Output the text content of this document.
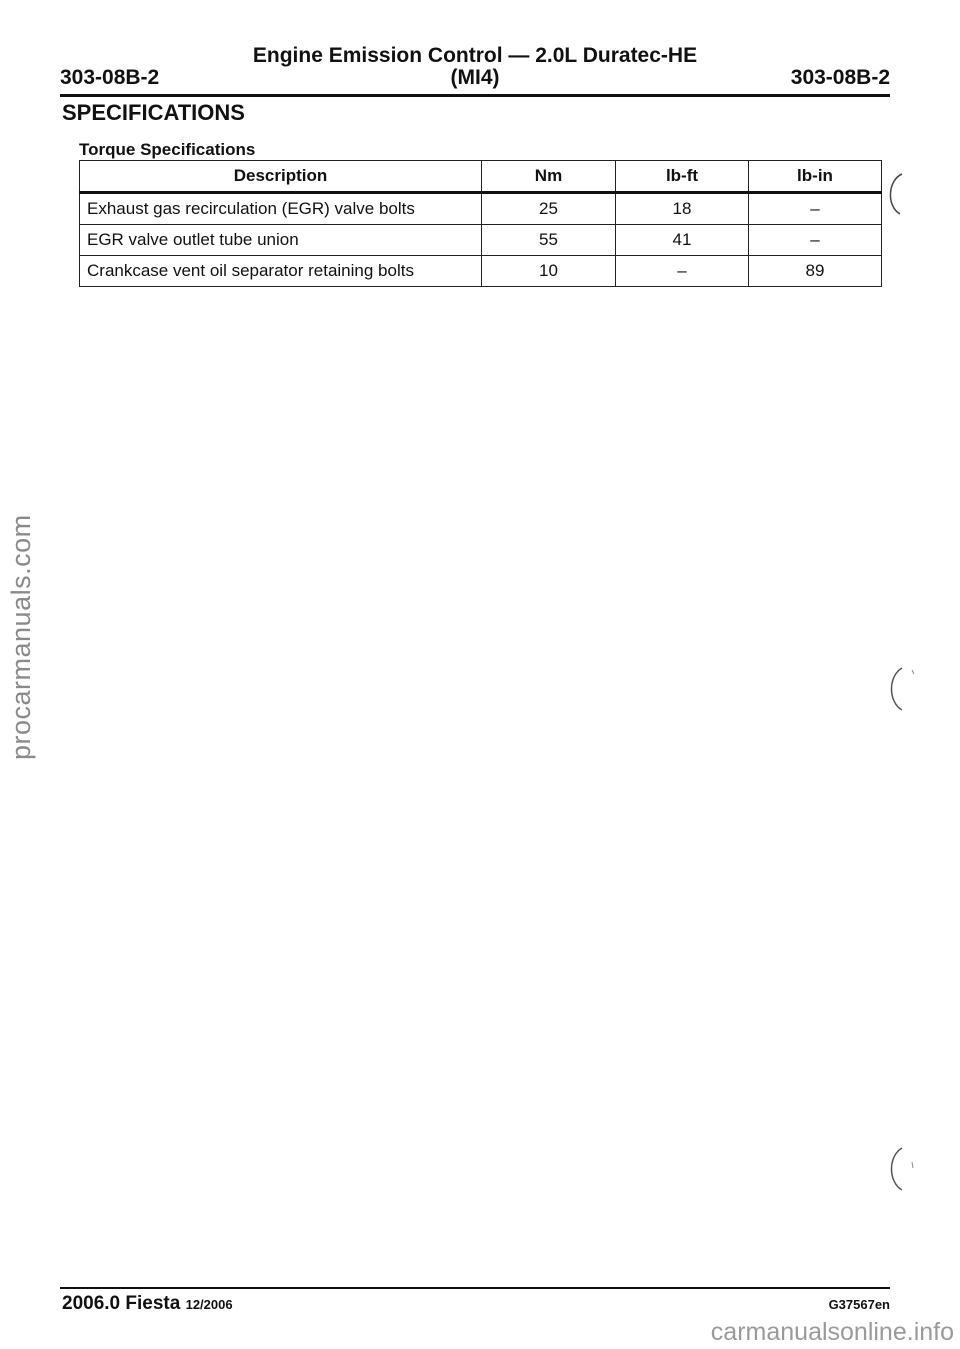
Engine Emission Control — 2.0L Duratec-HE
(MI4)
303-08B-2	303-08B-2
SPECIFICATIONS
Torque Specifications
Description	Nm	lb-ft	lb-in
Exhaust gas recirculation (EGR) valve bolts	25	18	–
EGR valve outlet tube union	55	41	–
Crankcase vent oil separator retaining bolts	10	–	89
procarmanuals.com
2006.0 Fiesta 12/2006	G37567en
carmanualsonline.info
